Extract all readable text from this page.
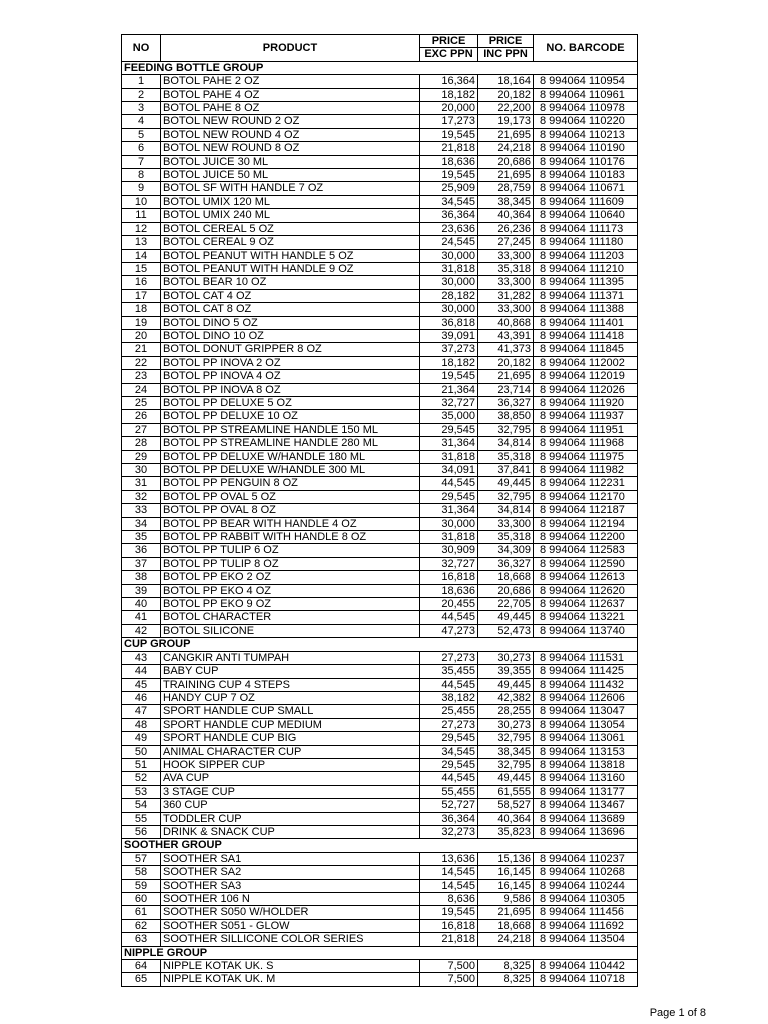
NO	PRODUCT	PRICE	PRICE	NO. BARCODE
		EXC PPN	INC PPN	
FEEDING BOTTLE GROUP				
1	BOTOL PAHE 2 OZ	16,364	18,164	8 994064 110954
2	BOTOL PAHE 4 OZ	18,182	20,182	8 994064 110961
3	BOTOL PAHE 8 OZ	20,000	22,200	8 994064 110978
4	BOTOL NEW ROUND 2 OZ	17,273	19,173	8 994064 110220
5	BOTOL NEW ROUND 4 OZ	19,545	21,695	8 994064 110213
6	BOTOL NEW ROUND 8 OZ	21,818	24,218	8 994064 110190
7	BOTOL JUICE 30 ML	18,636	20,686	8 994064 110176
8	BOTOL JUICE 50 ML	19,545	21,695	8 994064 110183
9	BOTOL SF WITH HANDLE 7 OZ	25,909	28,759	8 994064 110671
10	BOTOL UMIX 120 ML	34,545	38,345	8 994064 111609
11	BOTOL UMIX 240 ML	36,364	40,364	8 994064 110640
12	BOTOL CEREAL 5 OZ	23,636	26,236	8 994064 111173
13	BOTOL CEREAL 9 OZ	24,545	27,245	8 994064 111180
14	BOTOL PEANUT WITH HANDLE 5 OZ	30,000	33,300	8 994064 111203
15	BOTOL PEANUT WITH HANDLE 9 OZ	31,818	35,318	8 994064 111210
16	BOTOL BEAR 10 OZ	30,000	33,300	8 994064 111395
17	BOTOL CAT 4 OZ	28,182	31,282	8 994064 111371
18	BOTOL CAT 8 OZ	30,000	33,300	8 994064 111388
19	BOTOL DINO 5 OZ	36,818	40,868	8 994064 111401
20	BOTOL DINO 10 OZ	39,091	43,391	8 994064 111418
21	BOTOL DONUT GRIPPER 8 OZ	37,273	41,373	8 994064 111845
22	BOTOL PP INOVA 2 OZ	18,182	20,182	8 994064 112002
23	BOTOL PP INOVA 4 OZ	19,545	21,695	8 994064 112019
24	BOTOL PP INOVA 8 OZ	21,364	23,714	8 994064 112026
25	BOTOL PP DELUXE 5 OZ	32,727	36,327	8 994064 111920
26	BOTOL PP DELUXE 10 OZ	35,000	38,850	8 994064 111937
27	BOTOL PP STREAMLINE HANDLE 150 ML	29,545	32,795	8 994064 111951
28	BOTOL PP STREAMLINE HANDLE 280 ML	31,364	34,814	8 994064 111968
29	BOTOL PP DELUXE W/HANDLE 180 ML	31,818	35,318	8 994064 111975
30	BOTOL PP DELUXE W/HANDLE 300 ML	34,091	37,841	8 994064 111982
31	BOTOL PP PENGUIN 8 OZ	44,545	49,445	8 994064 112231
32	BOTOL PP OVAL 5 OZ	29,545	32,795	8 994064 112170
33	BOTOL PP OVAL 8 OZ	31,364	34,814	8 994064 112187
34	BOTOL PP BEAR WITH HANDLE 4 OZ	30,000	33,300	8 994064 112194
35	BOTOL PP RABBIT WITH HANDLE 8 OZ	31,818	35,318	8 994064 112200
36	BOTOL PP TULIP 6 OZ	30,909	34,309	8 994064 112583
37	BOTOL PP TULIP 8 OZ	32,727	36,327	8 994064 112590
38	BOTOL PP EKO 2 OZ	16,818	18,668	8 994064 112613
39	BOTOL PP EKO 4 OZ	18,636	20,686	8 994064 112620
40	BOTOL PP EKO 9 OZ	20,455	22,705	8 994064 112637
41	BOTOL CHARACTER	44,545	49,445	8 994064 113221
42	BOTOL SILICONE	47,273	52,473	8 994064 113740
CUP GROUP				
43	CANGKIR ANTI TUMPAH	27,273	30,273	8 994064 111531
44	BABY CUP	35,455	39,355	8 994064 111425
45	TRAINING CUP 4 STEPS	44,545	49,445	8 994064 111432
46	HANDY CUP 7 OZ	38,182	42,382	8 994064 112606
47	SPORT HANDLE CUP SMALL	25,455	28,255	8 994064 113047
48	SPORT HANDLE CUP MEDIUM	27,273	30,273	8 994064 113054
49	SPORT HANDLE CUP BIG	29,545	32,795	8 994064 113061
50	ANIMAL CHARACTER CUP	34,545	38,345	8 994064 113153
51	HOOK SIPPER CUP	29,545	32,795	8 994064 113818
52	AVA CUP	44,545	49,445	8 994064 113160
53	3 STAGE CUP	55,455	61,555	8 994064 113177
54	360 CUP	52,727	58,527	8 994064 113467
55	TODDLER CUP	36,364	40,364	8 994064 113689
56	DRINK & SNACK CUP	32,273	35,823	8 994064 113696
SOOTHER GROUP				
57	SOOTHER SA1	13,636	15,136	8 994064 110237
58	SOOTHER SA2	14,545	16,145	8 994064 110268
59	SOOTHER SA3	14,545	16,145	8 994064 110244
60	SOOTHER 106 N	8,636	9,586	8 994064 110305
61	SOOTHER S050 W/HOLDER	19,545	21,695	8 994064 111456
62	SOOTHER S051 - GLOW	16,818	18,668	8 994064 111692
63	SOOTHER SILLICONE COLOR SERIES	21,818	24,218	8 994064 113504
NIPPLE GROUP				
64	NIPPLE KOTAK UK. S	7,500	8,325	8 994064 110442
65	NIPPLE KOTAK UK. M	7,500	8,325	8 994064 110718
Page 1 of 8
